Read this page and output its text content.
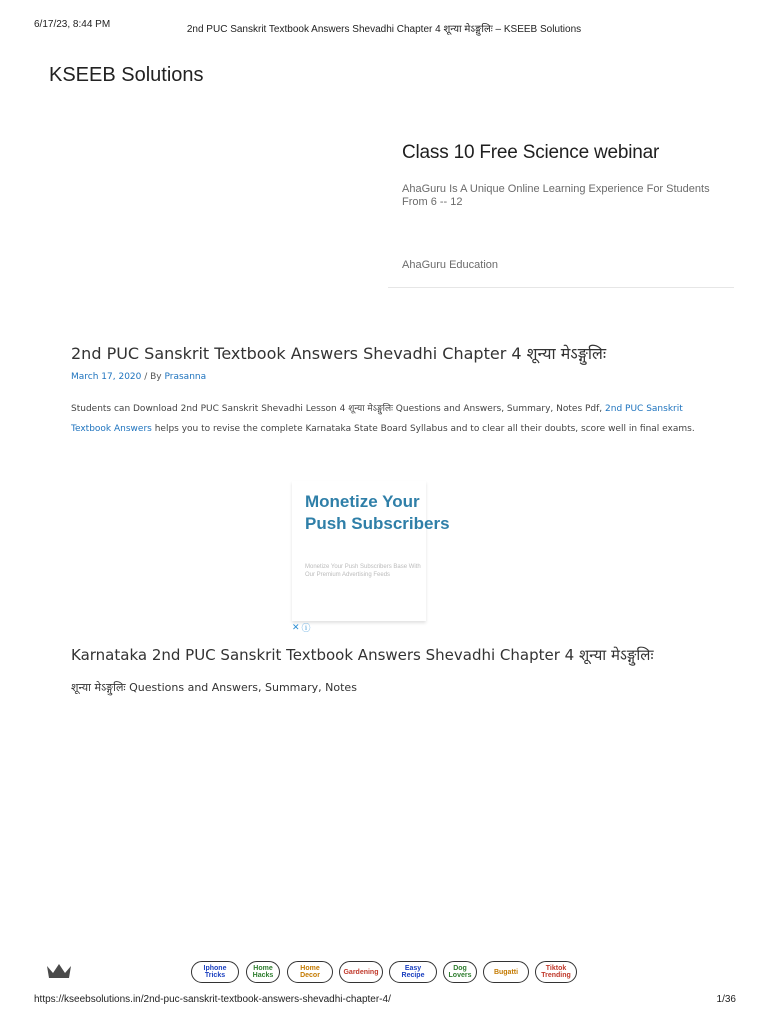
6/17/23, 8:44 PM	2nd PUC Sanskrit Textbook Answers Shevadhi Chapter 4 शून्या मेऽङ्गुलिः – KSEEB Solutions
KSEEB Solutions
Class 10 Free Science webinar
AhaGuru Is A Unique Online Learning Experience For Students From 6 -- 12
AhaGuru Education
2nd PUC Sanskrit Textbook Answers Shevadhi Chapter 4 शून्या मेऽङ्गुलिः
March 17, 2020 / By Prasanna

Students can Download 2nd PUC Sanskrit Shevadhi Lesson 4 शून्या मेऽङ्गुलिः Questions and Answers, Summary, Notes Pdf, 2nd PUC Sanskrit Textbook Answers helps you to revise the complete Karnataka State Board Syllabus and to clear all their doubts, score well in final exams.

Monetize Your
Push Subscribers
Monetize Your Push Subscribers Base With Our Premium Advertising Feeds
✕ ⓘ
Karnataka 2nd PUC Sanskrit Textbook Answers Shevadhi Chapter 4 शून्या मेऽङ्गुलिः
शून्या मेऽङ्गुलिः Questions and Answers, Summary, Notes
Iphone Tricks
Home
Hacks
Home
Decor	Gardening	Easy Recipe
Dog
Lovers	Bugatti	Tiktok
Trending
https://kseebsolutions.in/2nd-puc-sanskrit-textbook-answers-shevadhi-chapter-4/	1/36
